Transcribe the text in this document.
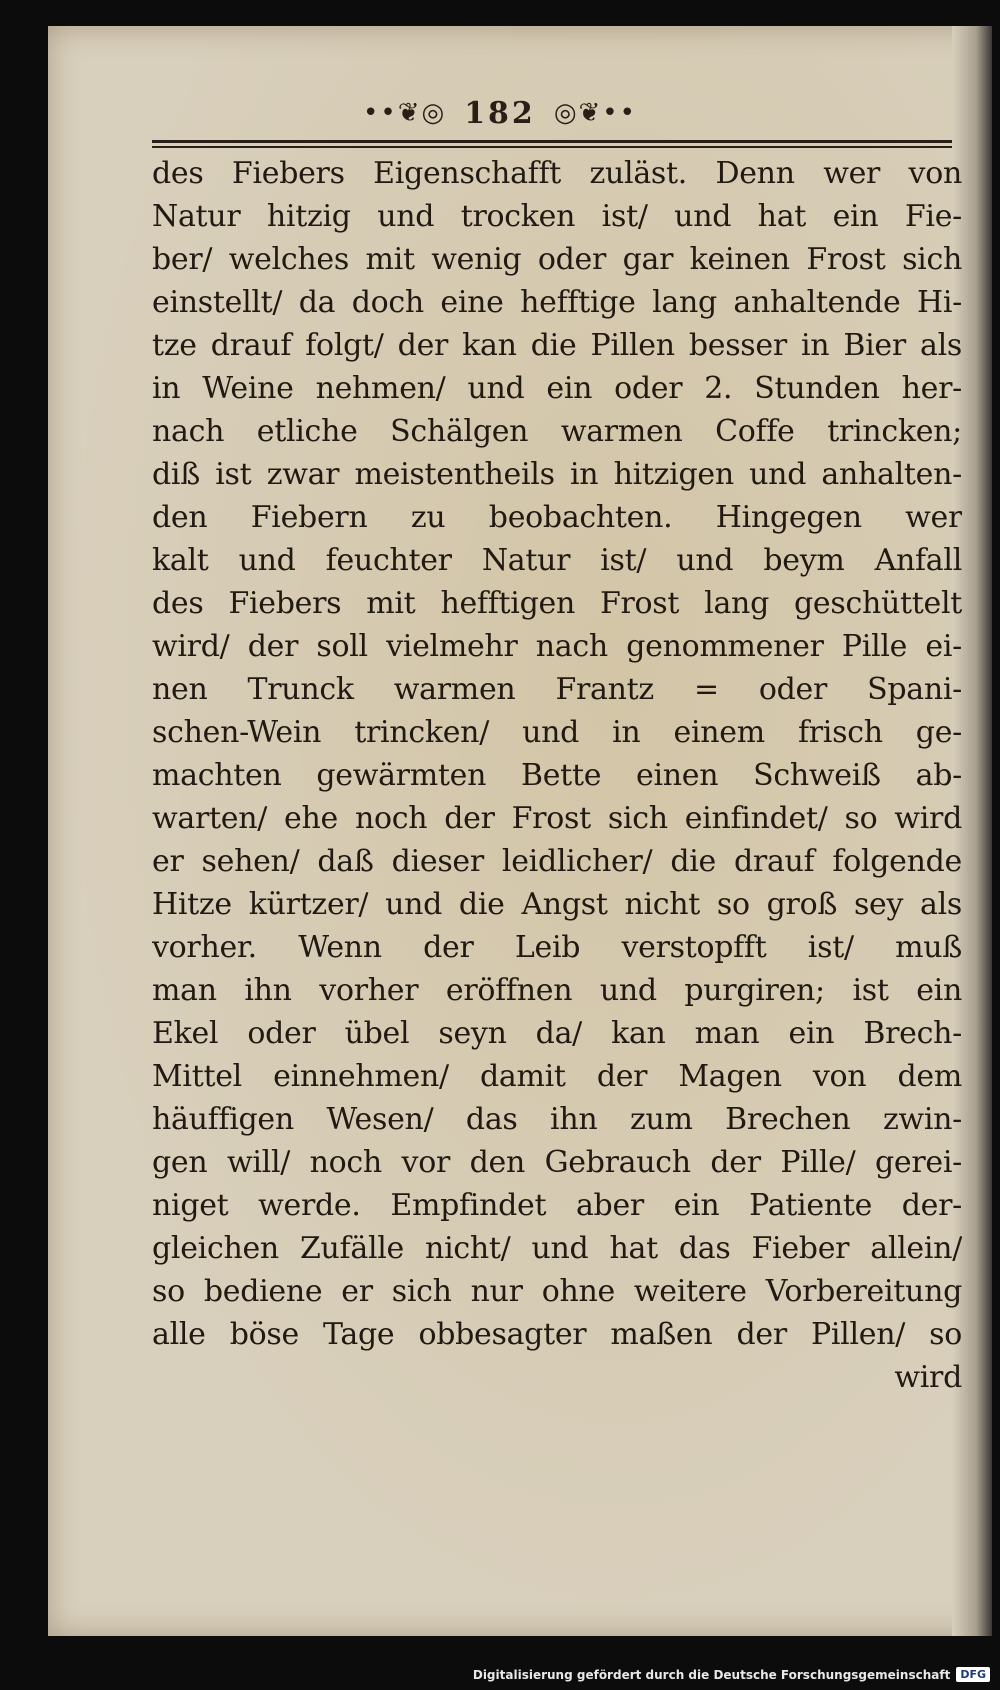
••❦◎ 182 ◎❦••
des Fiebers Eigenschafft zuläst. Denn wer von
Natur hitzig und trocken ist/ und hat ein Fie-
ber/ welches mit wenig oder gar keinen Frost sich
einstellt/ da doch eine hefftige lang anhaltende Hi-
tze drauf folgt/ der kan die Pillen besser in Bier als
in Weine nehmen/ und ein oder 2. Stunden her-
nach etliche Schälgen warmen Coffe trincken;
diß ist zwar meistentheils in hitzigen und anhalten-
den Fiebern zu beobachten. Hingegen wer
kalt und feuchter Natur ist/ und beym Anfall
des Fiebers mit hefftigen Frost lang geschüttelt
wird/ der soll vielmehr nach genommener Pille ei-
nen Trunck warmen Frantz = oder Spani-
schen-Wein trincken/ und in einem frisch ge-
machten gewärmten Bette einen Schweiß ab-
warten/ ehe noch der Frost sich einfindet/ so wird
er sehen/ daß dieser leidlicher/ die drauf folgende
Hitze kürtzer/ und die Angst nicht so groß sey als
vorher. Wenn der Leib verstopfft ist/ muß
man ihn vorher eröffnen und purgiren; ist ein
Ekel oder übel seyn da/ kan man ein Brech-
Mittel einnehmen/ damit der Magen von dem
häuffigen Wesen/ das ihn zum Brechen zwin-
gen will/ noch vor den Gebrauch der Pille/ gerei-
niget werde. Empfindet aber ein Patiente der-
gleichen Zufälle nicht/ und hat das Fieber allein/
so bediene er sich nur ohne weitere Vorbereitung
alle böse Tage obbesagter maßen der Pillen/ so
wird
Digitalisierung gefördert durch die Deutsche Forschungsgemeinschaft DFG
